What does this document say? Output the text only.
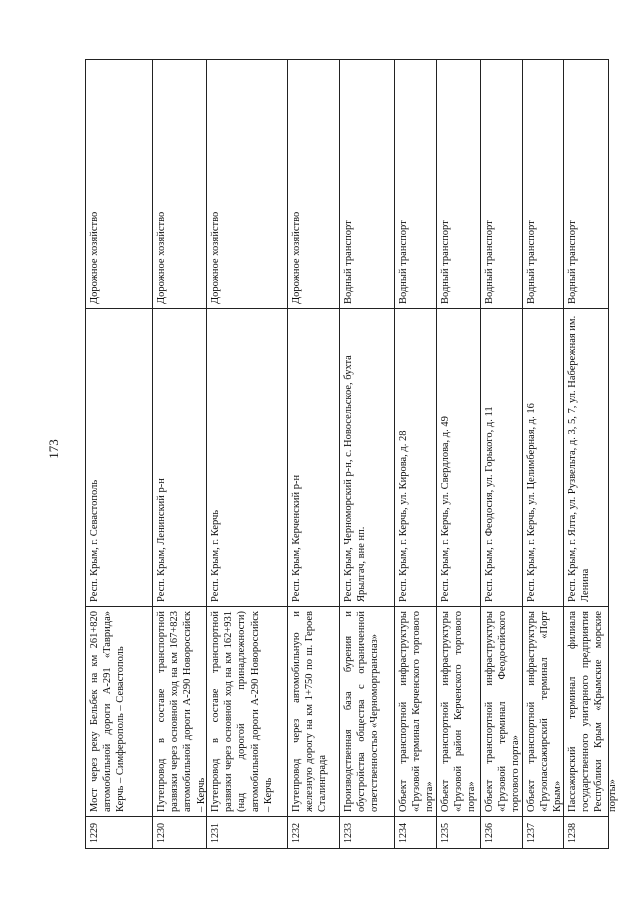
173
1229
Мост через реку Бельбек на км 261+820 автомобильной дороги А-291 «Таврида» Керчь – Симферополь – Севастополь
Респ. Крым, г. Севастополь
Дорожное хозяйство
1230
Путепровод в составе транспортной развязки через основной ход на км 167+823 автомобильной дороги А-290 Новороссийск – Керчь
Респ. Крым, Ленинский р-н
Дорожное хозяйство
1231
Путепровод в составе транспортной развязки через основной ход на км 162+931 (над дорогой принадлежности) автомобильной дороги А-290 Новороссийск – Керчь
Респ. Крым, г. Керчь
Дорожное хозяйство
1232
Путепровод через автомобильную и железную дорогу на км 1+750 по ш. Героев Сталинграда
Респ. Крым, Керченский р-н
Дорожное хозяйство
1233
Производственная база бурения и обустройства общества с ограниченной ответственностью «Черноморгрансназ»
Респ. Крым, Черноморский р-н, с. Новосельское, бухта Ярылгач, вне нп.
Водный транспорт
1234
Объект транспортной инфраструктуры «Грузовой терминал Керченского торгового порта»
Респ. Крым, г. Керчь, ул. Кирова, д. 28
Водный транспорт
1235
Объект транспортной инфраструктуры «Грузовой район Керченского торгового порта»
Респ. Крым, г. Керчь, ул. Свердлова, д. 49
Водный транспорт
1236
Объект транспортной инфраструктуры «Грузовой терминал Феодосийского торгового порта»
Респ. Крым, г. Феодосия, ул. Горького, д. 11
Водный транспорт
1237
Объект транспортной инфраструктуры «Грузопассажирский терминал «Порт Крым»
Респ. Крым, г. Керчь, ул. Целимберная, д. 16
Водный транспорт
1238
Пассажирский терминал филиала государственного унитарного предприятия Республики Крым «Крымские морские порты»
Респ. Крым, г. Ялта, ул. Рузвельта, д. 3, 5, 7, ул. Набережная им. Ленина
Водный транспорт
